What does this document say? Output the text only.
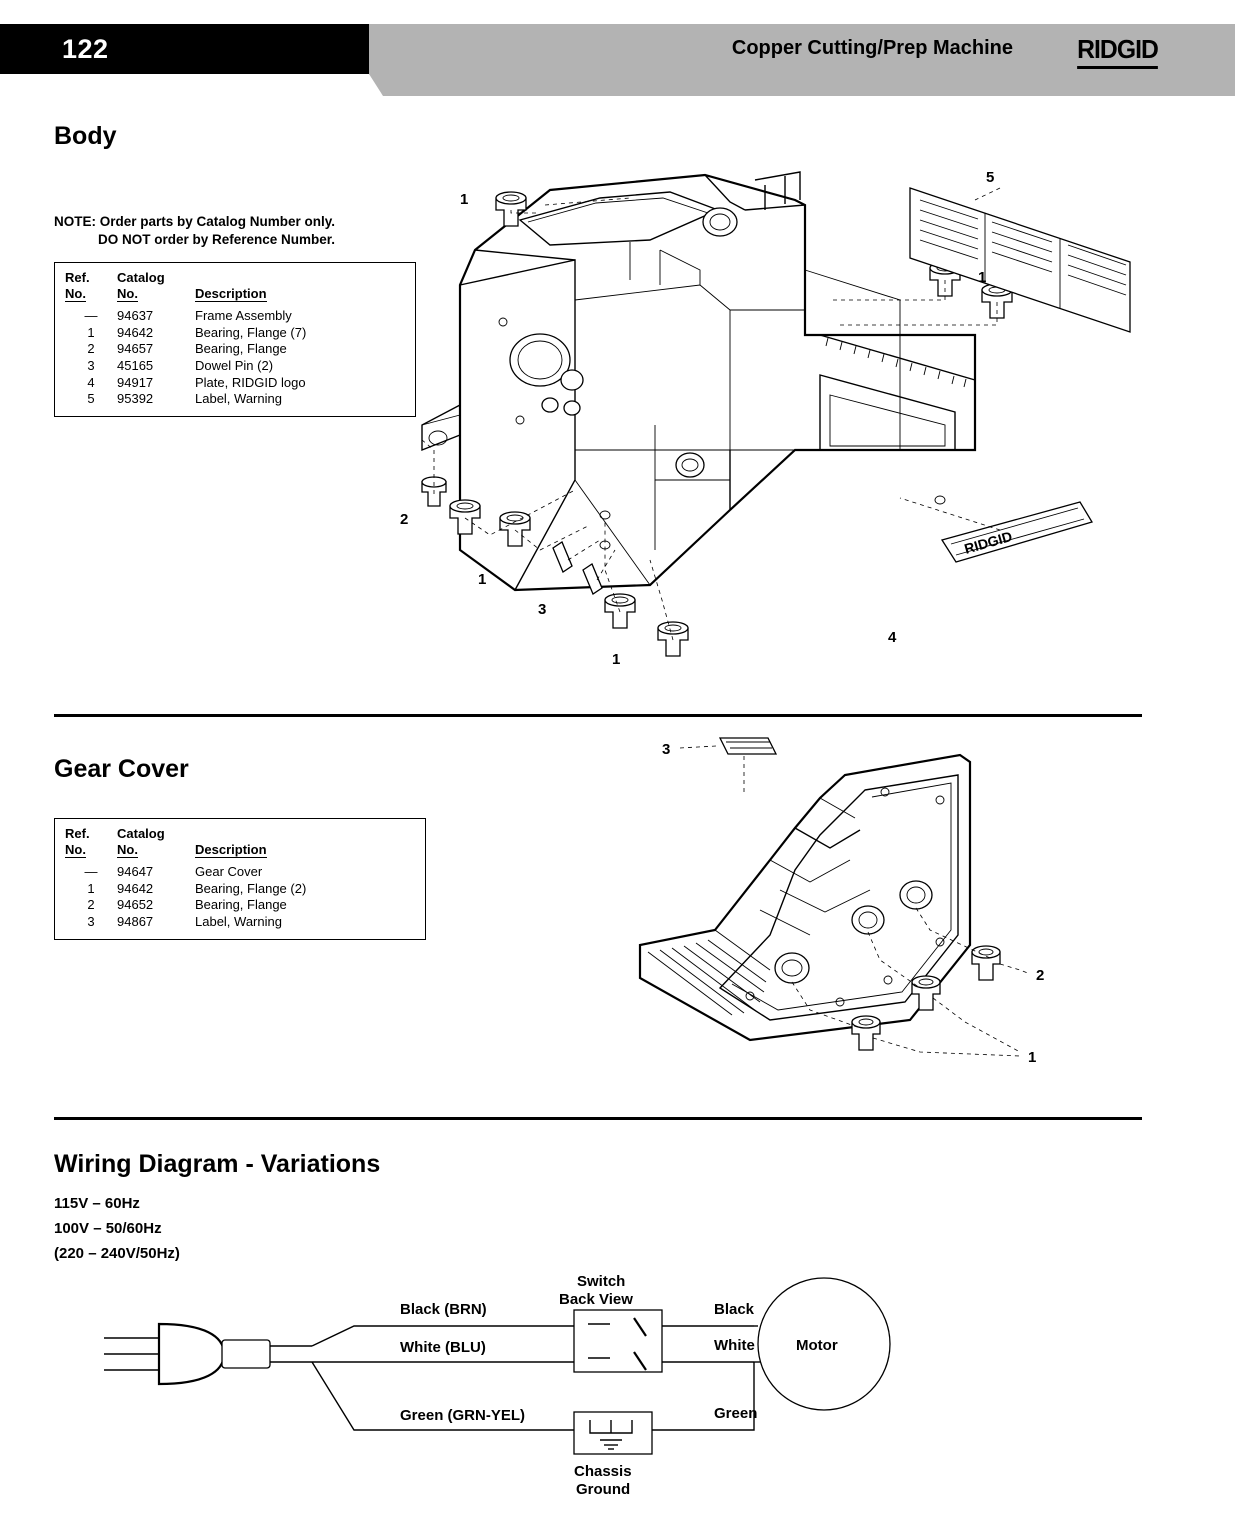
122	Copper Cutting/Prep Machine RIDGID
Body
NOTE: Order parts by Catalog Number only.
DO NOT order by Reference Number.
Ref.	Catalog	
No.	No.	Description

—	94637	Frame Assembly
1	94642	Bearing, Flange (7)
2	94657	Bearing, Flange
3	45165	Dowel Pin (2)
4	94917	Plate, RIDGID logo
5	95392	Label, Warning
RIDGID
1
5
1
2
1
3
1
4
Gear Cover
Ref.	Catalog	
No.	No.	Description

—	94647	Gear Cover
1	94642	Bearing, Flange (2)
2	94652	Bearing, Flange
3	94867	Label, Warning
3
2
1
Wiring Diagram - Variations
115V – 60Hz
100V – 50/60Hz
(220 – 240V/50Hz)
Black (BRN)
White (BLU)
Green (GRN-YEL)
Switch
Back View
Black
White
Green
Motor
Chassis
Ground
